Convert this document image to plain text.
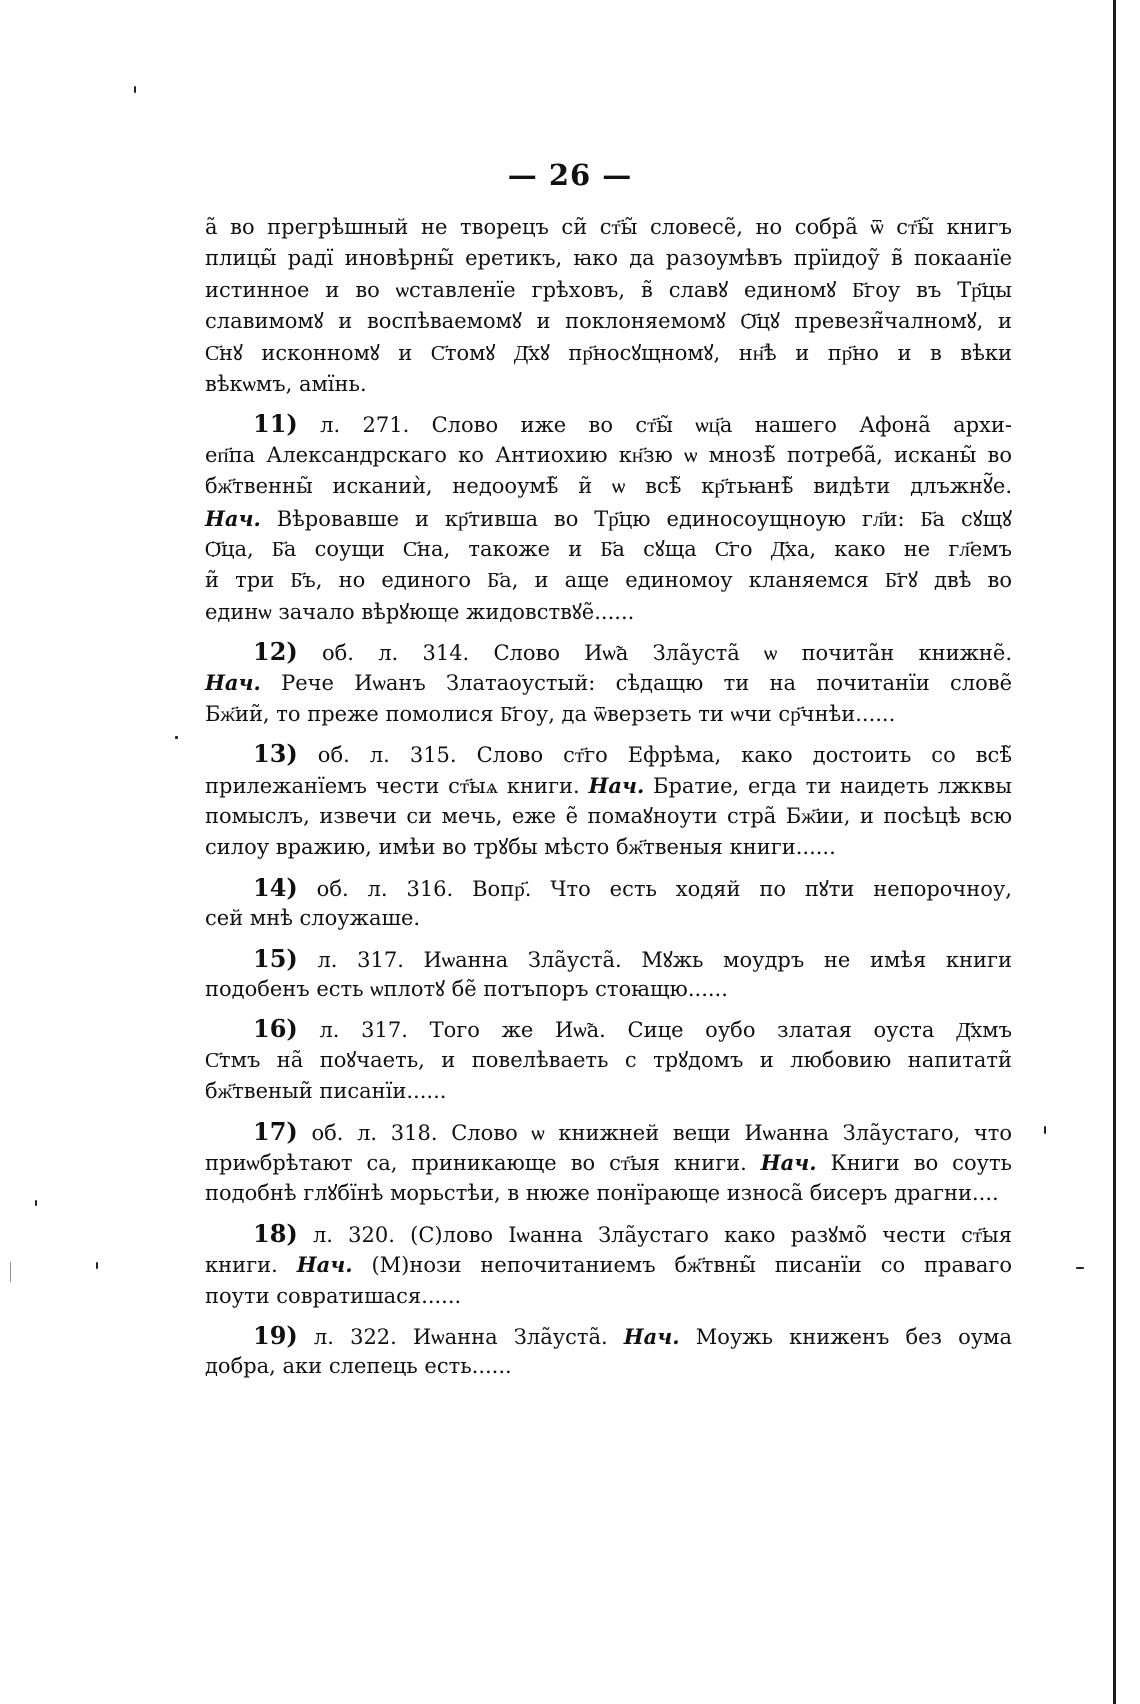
— 26 —
а̃ во прегрѣшный не творецъ си̃ ст҃ы̃ словесе̃, но собра̃ ѿ ст҃ы̃ книгъ
плицы̃ радї иновѣрны̃ еретикъ, ꙗко да разоумѣвъ прїидоу̃ в̃ покаанїе
истинное и во ѡставленїе грѣховъ, в̃ славꙋ единомꙋ Б҃гоу въ Тр҃цы
славимомꙋ и воспѣваемомꙋ и поклоняемомꙋ Ѻ҃цꙋ превезн̃чалномꙋ, и
С҃нꙋ исконномꙋ и С҃томꙋ Д҃хꙋ пр҃носꙋщномꙋ, нн҃ѣ и пр҃но и в вѣки
вѣкѡмъ, амїнь.
11) л. 271. Слово иже во ст҃ы̃ ѡц҃а нашего Афона̃ архи-
еп҃па Александрскаго ко Антиохию кн҃зю ѡ мнозѣ̃ потреба̃, исканы̃ во
бж҃твенны̃ исканиѝ, недооумѣ̃ и̃ ѡ всѣ̃ кр҃тьꙗнѣ̃ видѣти длъжнꙋ̃е.
Нач. Вѣровавше и кр҃тивша во Тр҃цю единосоущноую гл҃и: Б҃а сꙋщꙋ
Ѻ҃ца, Б҃а соущи С҃на, такожe и Б҃а сꙋща С҃го Д҃ха, како не гл҃емъ
и̃ три Б҃ъ, но единого Б҃а, и аще единомоу кланяемся Б҃гꙋ двѣ во
единѡ зачало вѣрꙋюще жидовствꙋе̃......
12) об. л. 314. Слово Иѡ̃а Зла̃уста̃ ѡ почита̃н книжне̃.
Нач. Рече Иѡанъ Златаоустый: сѣдащю ти на почитанїи слове̃
Бж҃ии̃, то преже помолися Б҃гоу, да ѿверзеть ти ѡчи ср҃чнѣи......
13) об. л. 315. Слово ст҃го Ефрѣма, како достоить со всѣ̃
прилежанїемъ чести ст҃ыѧ книги. Нач. Братие, егда ти наидеть лжквы
помыслъ, извечи си мечь, еже е̃ помаꙋноути стра̃ Бж҃ии, и посѣцѣ всю
силоу вражию, имѣи во трꙋбы мѣсто бж҃твеныя книги......
14) об. л. 316. Вопр҃. Что есть ходяй по пꙋти непорочноу,
сей мнѣ слоужаше.
15) л. 317. Иѡанна Зла̃уста̃. Мꙋжь моудръ не имѣя книги
подобенъ есть ѡплотꙋ бе̃ потъпоръ стоꙗщю......
16) л. 317. Того же Иѡ̃а. Сице оубо златая оуста Д҃хмъ
С҃тмъ на̃ поꙋчаеть, и повелѣваеть с трꙋдомъ и любовию напитати̃
бж҃твеныи̃ писанїи......
17) об. л. 318. Слово ѡ книжней вещи Иѡанна Зла̃устаго, что
приѡбрѣтают са, приникающе во ст҃ыя книги. Нач. Книги во соуть
подобнѣ глꙋбїнѣ морьстѣи, в нюже понїрающе износа̃ бисеръ драгни....
18) л. 320. (С)лово Іѡанна Зла̃устаго како разꙋмо̃ чести ст҃ыя
книги. Нач. (М)нози непочитаниемъ бж҃твны̃ писанїи со праваго
поути совратишася......
19) л. 322. Иѡанна Зла̃уста̃. Нач. Моужь книженъ без оума
добра, аки слепець есть......
